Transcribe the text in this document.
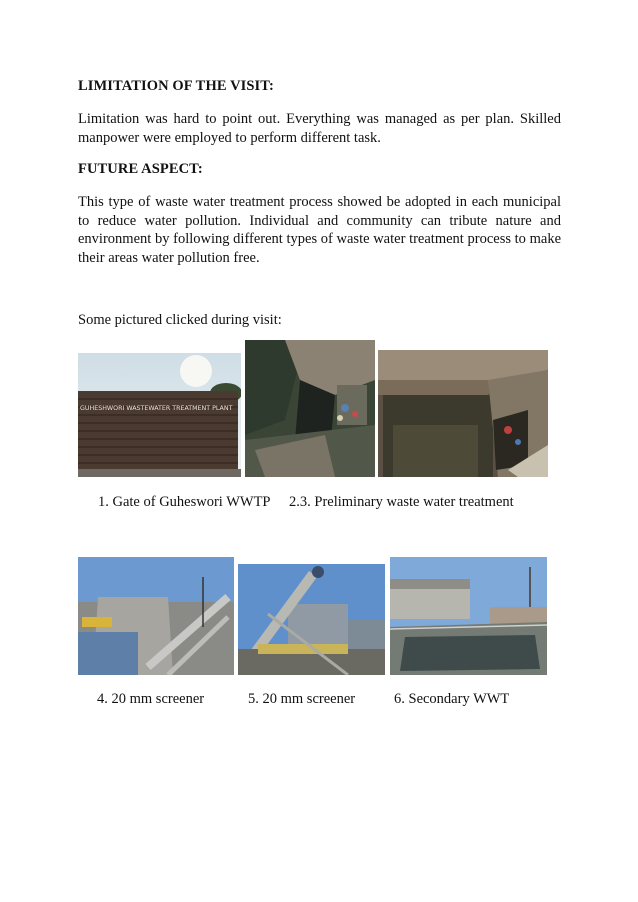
LIMITATION OF THE VISIT:
Limitation was hard to point out. Everything was managed as per plan. Skilled manpower were employed to perform different task.
FUTURE ASPECT:
This type of waste water treatment process showed be adopted in each municipal to reduce water pollution. Individual and community can tribute nature and environment by following different types of waste water treatment process to make their areas water pollution free.
Some pictured clicked during visit:
GUHESHWORI WASTEWATER TREATMENT PLANT
1. Gate of Guheswori WWTP 2.3. Preliminary waste water treatment
4. 20 mm screener	5. 20 mm screener	6. Secondary WWT
